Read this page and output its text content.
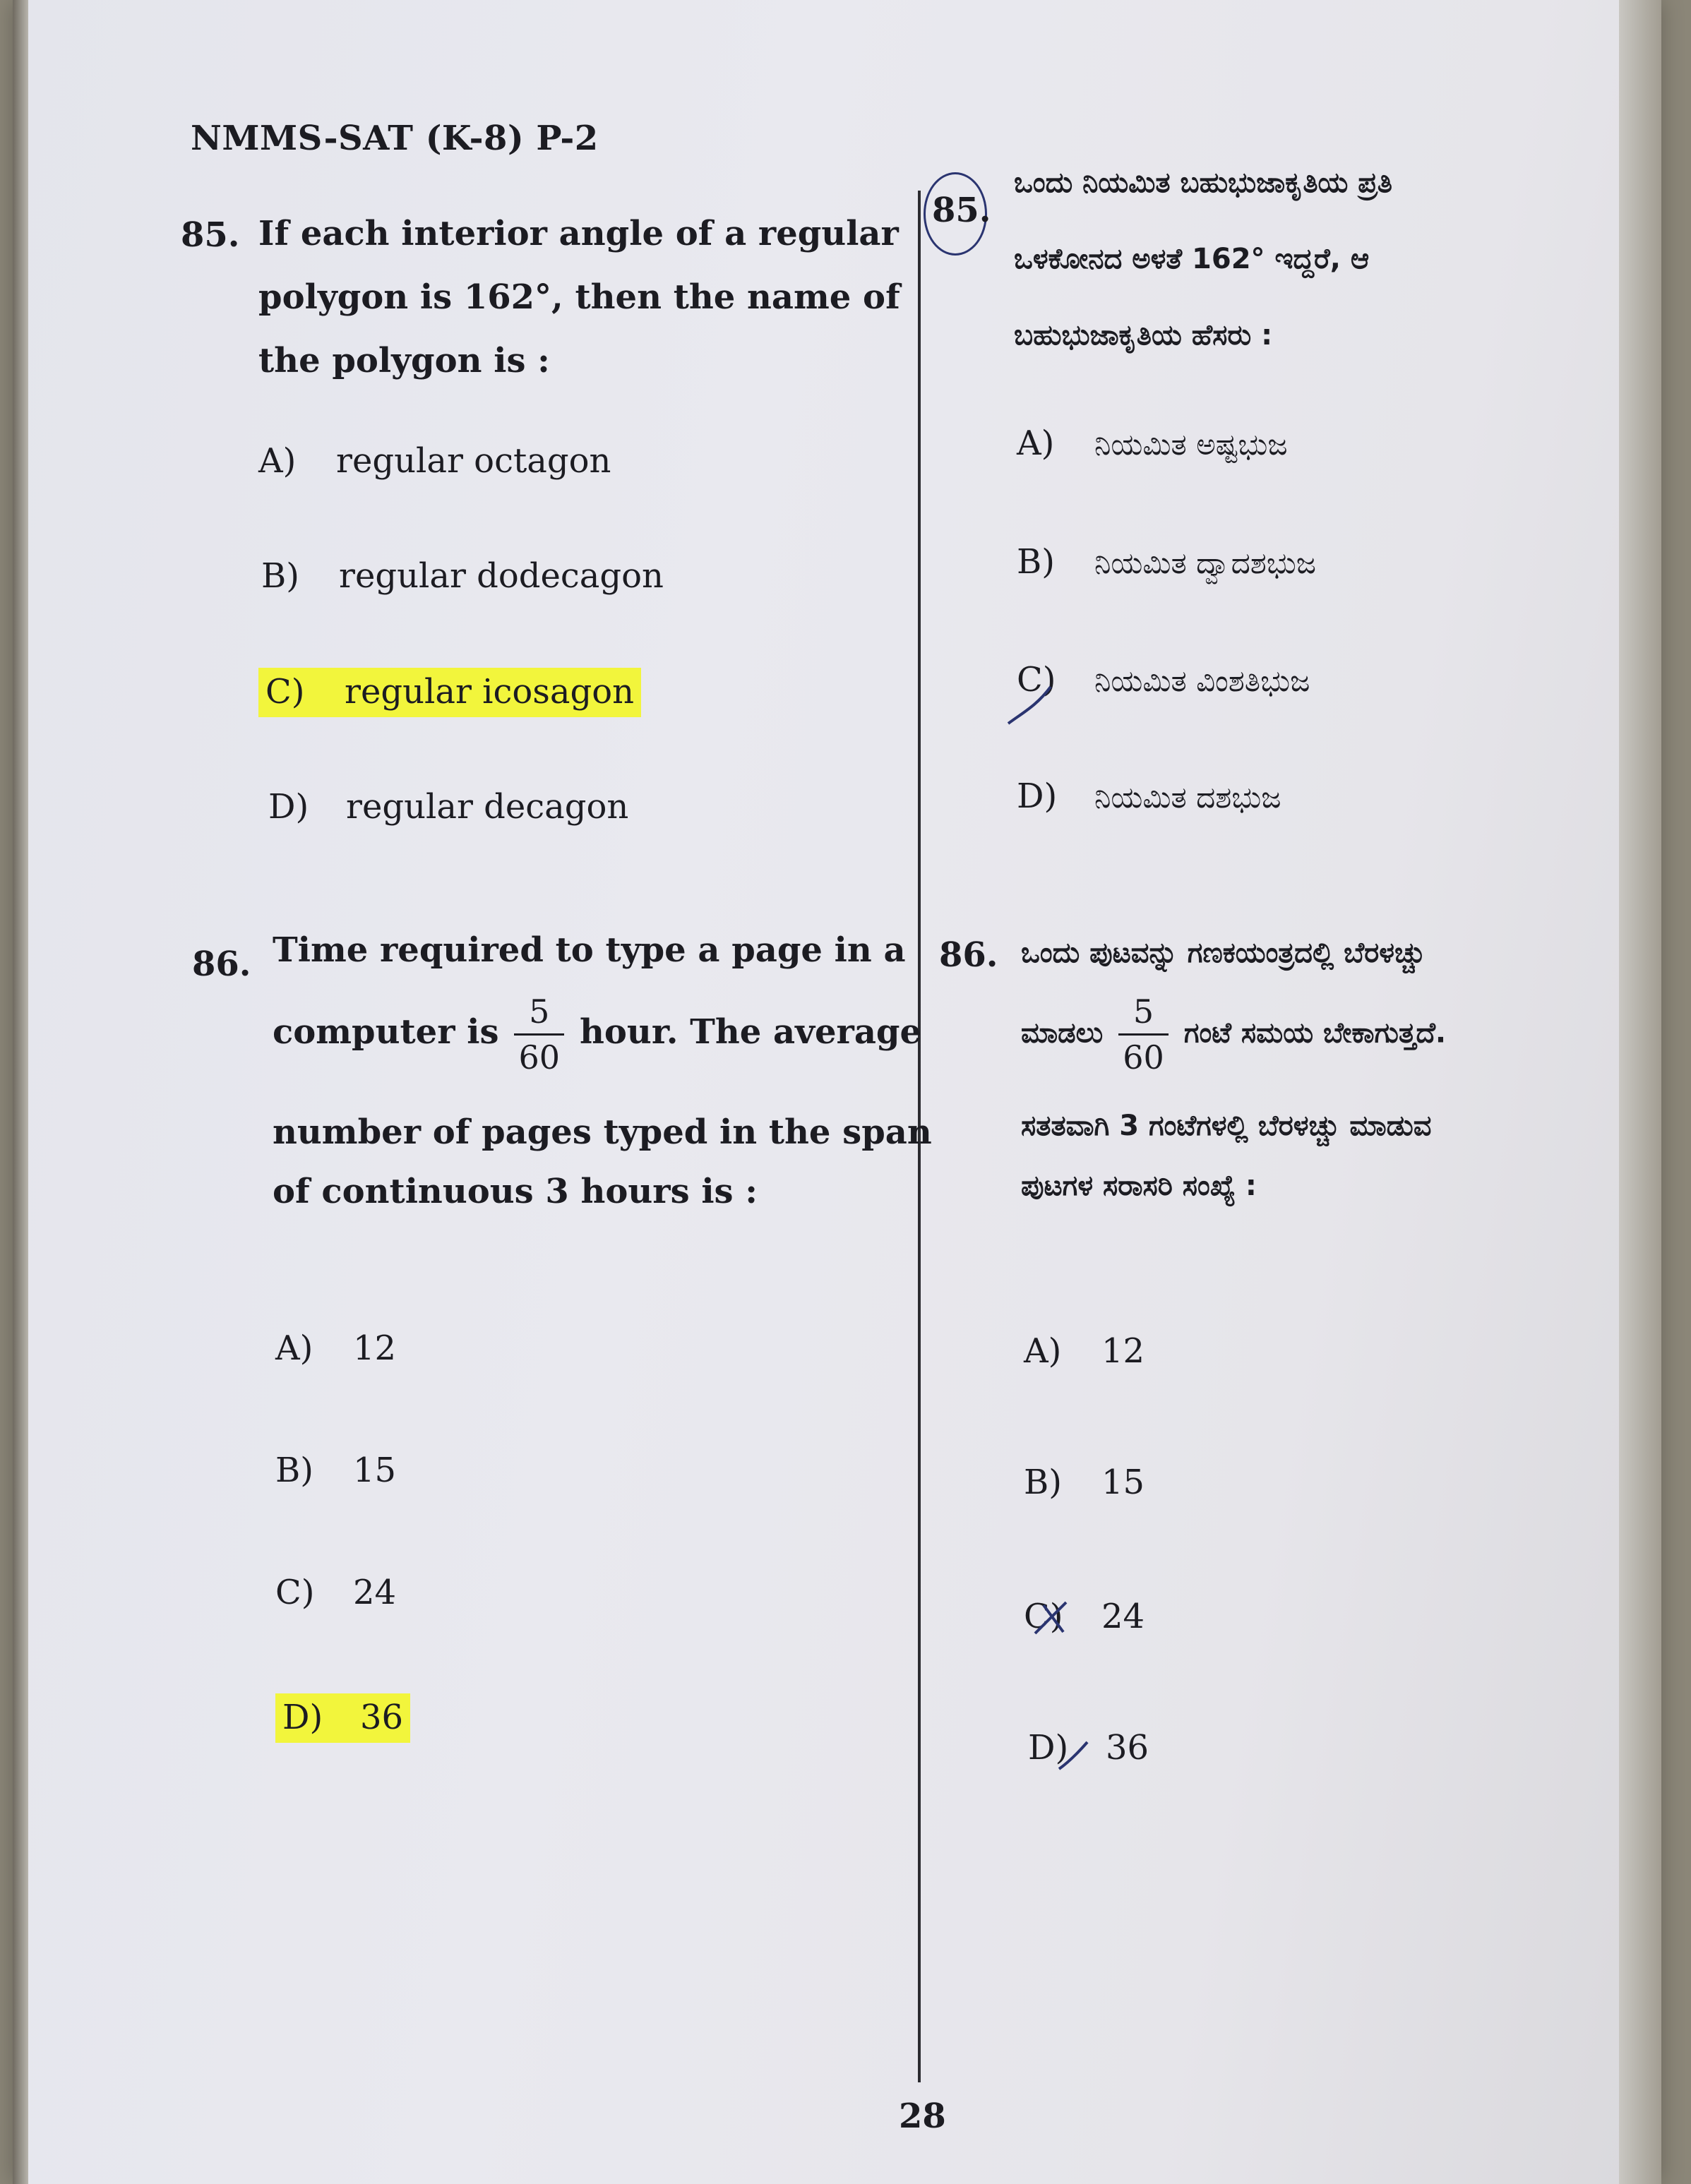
NMMS-SAT (K-8) P-2
85. If each interior angle of a regular
polygon is 162°, then the name of
the polygon is :
A) regular octagon
B) regular dodecagon
C) regular icosagon
D) regular decagon
86. Time required to type a page in a
computer is $\frac{5}{60}$ hour. The average
number of pages typed in the span
of continuous 3 hours is :
A) 12
B) 15
C) 24
D) 36
85.
ಒಂದು ನಿಯಮಿತ ಬಹುಭುಜಾಕೃತಿಯ ಪ್ರತಿ
ಒಳಕೋನದ ಅಳತೆ 162° ಇದ್ದರೆ, ಆ
ಬಹುಭುಜಾಕೃತಿಯ ಹೆಸರು :
A) ನಿಯಮಿತ ಅಷ್ಟಭುಜ
B) ನಿಯಮಿತ ದ್ವಾದಶಭುಜ
C) ನಿಯಮಿತ ವಿಂಶತಿಭುಜ
D) ನಿಯಮಿತ ದಶಭುಜ
86. ಒಂದು ಪುಟವನ್ನು ಗಣಕಯಂತ್ರದಲ್ಲಿ ಬೆರಳಚ್ಚು
ಮಾಡಲು $\frac{5}{60}$ ಗಂಟೆ ಸಮಯ ಬೇಕಾಗುತ್ತದೆ.
ಸತತವಾಗಿ 3 ಗಂಟೆಗಳಲ್ಲಿ ಬೆರಳಚ್ಚು ಮಾಡುವ
ಪುಟಗಳ ಸರಾಸರಿ ಸಂಖ್ಯೆ :
A) 12
B) 15
C) 24
D) 36
28
